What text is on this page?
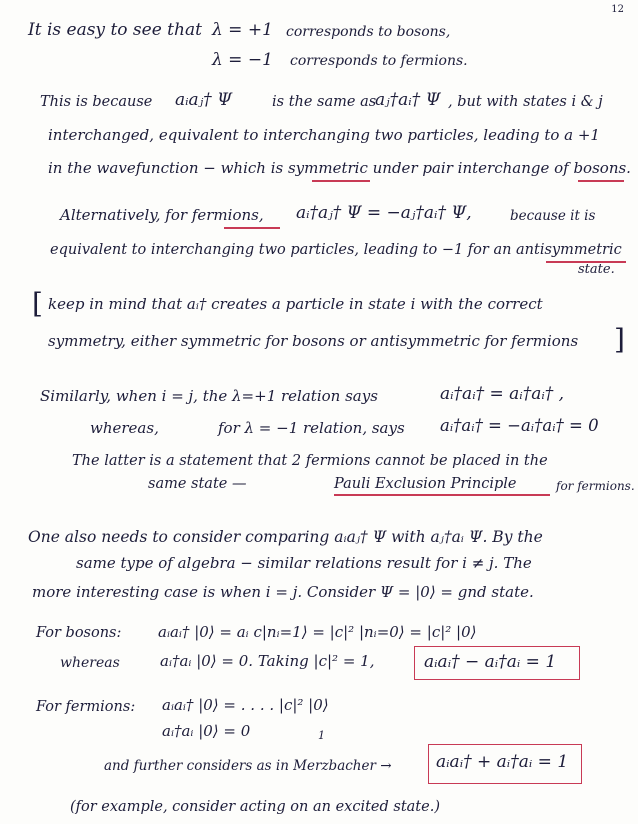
12
It is easy to see that λ = +1 corresponds to bosons,
λ = −1 corresponds to fermions.
This is because aᵢaⱼ† Ψ	is the same as
aⱼ†aᵢ† Ψ , but with states i & j
interchanged, equivalent to interchanging two particles, leading to a +1
in the wavefunction − which is symmetric under pair interchange of bosons.
Alternatively, for fermions, aᵢ†aⱼ† Ψ = −aⱼ†aᵢ† Ψ,	because it is
equivalent to interchanging two particles, leading to −1 for an antisymmetric
state.
[ keep in mind that aᵢ† creates a particle in state i with the correct
symmetry, either symmetric for bosons or antisymmetric for fermions ]
Similarly, when i = j, the λ=+1 relation says	aᵢ†aᵢ† = aᵢ†aᵢ† ,
whereas,	for λ = −1 relation, says aᵢ†aᵢ† = −aᵢ†aᵢ† = 0
The latter is a statement that 2 fermions cannot be placed in the
same state —	Pauli Exclusion Principle	for fermions.
One also needs to consider comparing aᵢaⱼ† Ψ with aⱼ†aᵢ Ψ. By the
same type of algebra − similar relations result for i ≠ j. The
more interesting case is when i = j. Consider Ψ = |0⟩ = gnd state.
For bosons: aᵢaᵢ† |0⟩ = aᵢ c|nᵢ=1⟩ = |c|² |nᵢ=0⟩ = |c|² |0⟩
whereas	aᵢ†aᵢ |0⟩ = 0. Taking |c|² = 1,	aᵢaᵢ† − aᵢ†aᵢ = 1
For fermions: aᵢaᵢ† |0⟩ = . . . . |c|² |0⟩
aᵢ†aᵢ |0⟩ = 0	1
and further considers as in Merzbacher →	aᵢaᵢ† + aᵢ†aᵢ = 1
(for example, consider acting on an excited state.)
